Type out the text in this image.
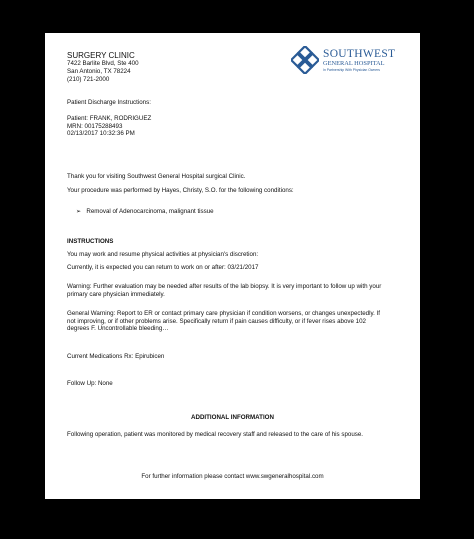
SURGERY CLINIC
7422 Barlite Blvd, Ste 400
San Antonio, TX 78224
(210) 721-2000
SOUTHWEST
GENERAL HOSPITAL
In Partnership With Physician Owners
Patient Discharge Instructions:
Patient: FRANK, RODRIGUEZ
MRN: 00175288493
02/13/2017 10:32:36 PM
Thank you for visiting Southwest General Hospital surgical Clinic.
Your procedure was performed by Hayes, Christy, S.O. for the following conditions:
➢ Removal of Adenocarcinoma, malignant tissue
INSTRUCTIONS
You may work and resume physical activities at physician's discretion:
Currently, it is expected you can return to work on or after: 03/21/2017
Warning: Further evaluation may be needed after results of the lab biopsy. It is very important to follow up with your primary care physician immediately.
General Warning: Report to ER or contact primary care physician if condition worsens, or changes unexpectedly. If not improving, or if other problems arise. Specifically return if pain causes difficulty, or if fever rises above 102 degrees F. Uncontrollable bleeding…
Current Medications Rx: Epirubicen
Follow Up: None
ADDITIONAL INFORMATION
Following operation, patient was monitored by medical recovery staff and released to the care of his spouse.
For further information please contact www.swgeneralhospital.com
